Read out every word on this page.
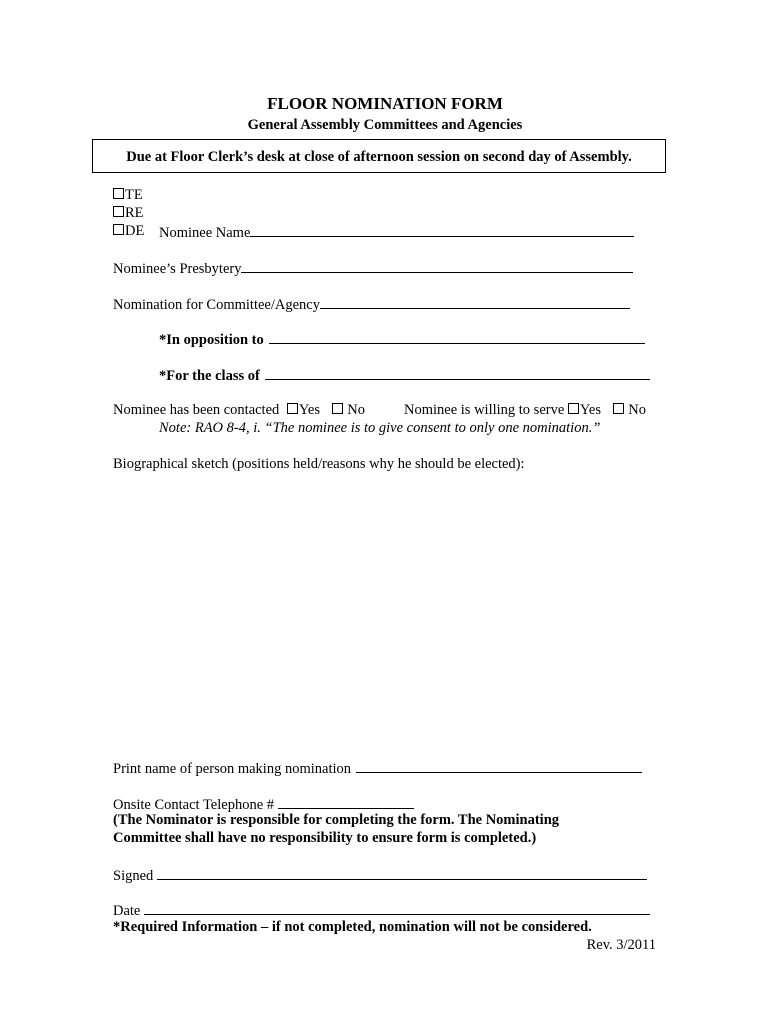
FLOOR NOMINATION FORM
General Assembly Committees and Agencies
Due at Floor Clerk’s desk at close of afternoon session on second day of Assembly.
TE
RE
DE Nominee Name
Nominee’s Presbytery
Nomination for Committee/Agency
*In opposition to
*For the class of
Nominee has been contacted Yes No	Nominee is willing to serve Yes No
Note: RAO 8-4, i. “The nominee is to give consent to only one nomination.”
Biographical sketch (positions held/reasons why he should be elected):
Print name of person making nomination
Onsite Contact Telephone #
(The Nominator is responsible for completing the form. The Nominating
Committee shall have no responsibility to ensure form is completed.)
Signed
Date
*Required Information – if not completed, nomination will not be considered.
Rev. 3/2011
